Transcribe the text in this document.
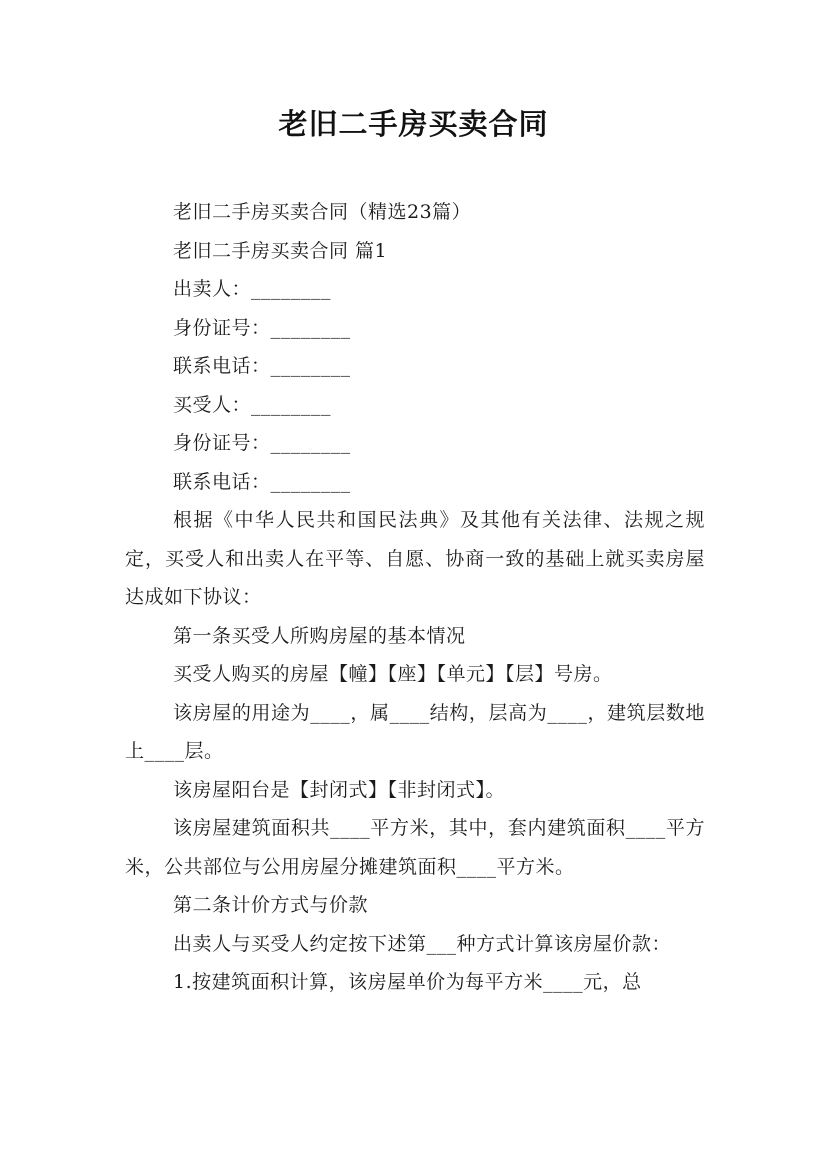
老旧二手房买卖合同

老旧二手房买卖合同（精选23篇）

老旧二手房买卖合同 篇1

出卖人：________

身份证号：________

联系电话：________

买受人：________

身份证号：________

联系电话：________

根据《中华人民共和国民法典》及其他有关法律、法规之规定，买受人和出卖人在平等、自愿、协商一致的基础上就买卖房屋达成如下协议：

第一条买受人所购房屋的基本情况

买受人购买的房屋【幢】【座】【单元】【层】号房。

该房屋的用途为____，属____结构，层高为____，建筑层数地上____层。

该房屋阳台是【封闭式】【非封闭式】。

该房屋建筑面积共____平方米，其中，套内建筑面积____平方米，公共部位与公用房屋分摊建筑面积____平方米。

第二条计价方式与价款

出卖人与买受人约定按下述第___种方式计算该房屋价款：

1.按建筑面积计算，该房屋单价为每平方米____元，总
